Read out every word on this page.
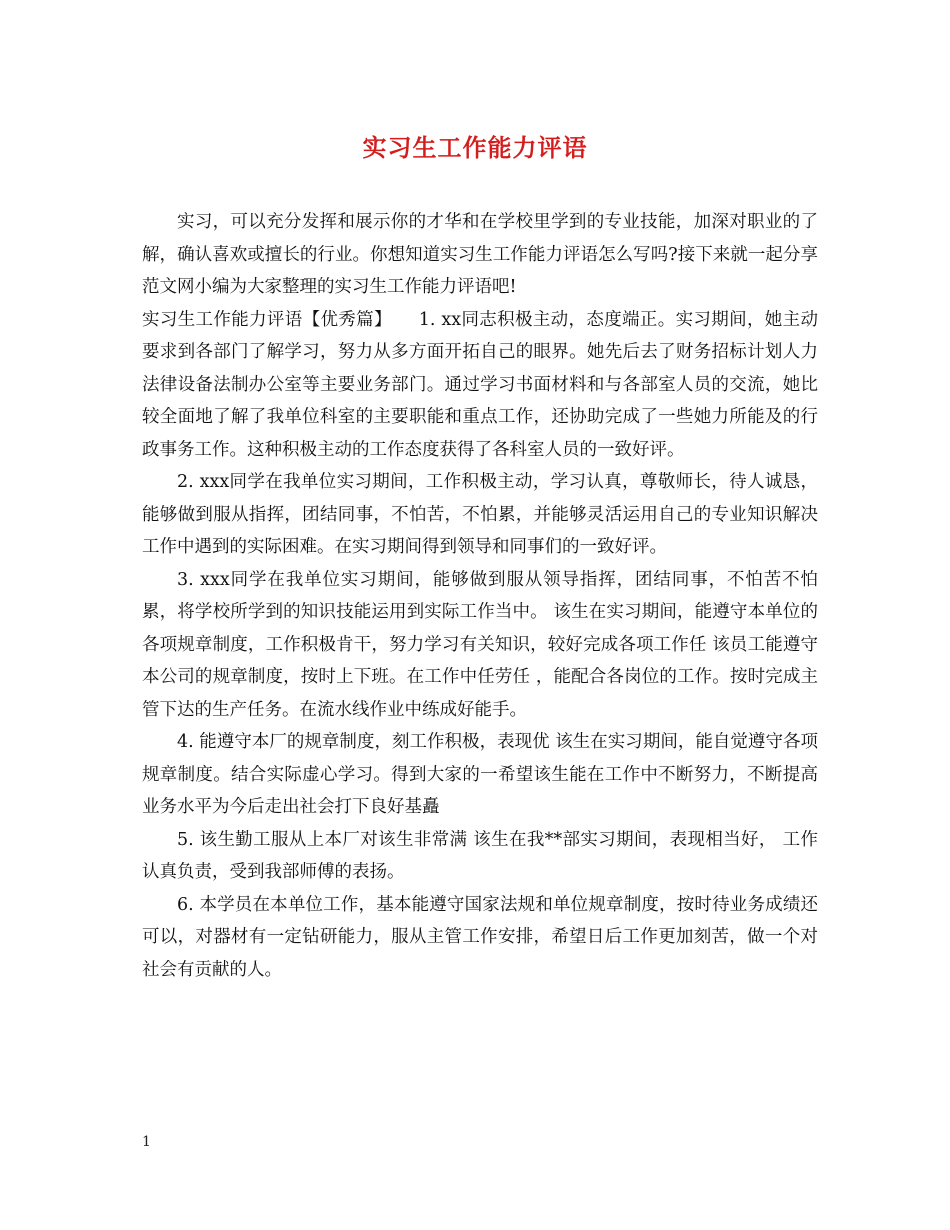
实习生工作能力评语

实习，可以充分发挥和展示你的才华和在学校里学到的专业技能，加深对职业的了解，确认喜欢或擅长的行业。你想知道实习生工作能力评语怎么写吗?接下来就一起分享范文网小编为大家整理的实习生工作能力评语吧!

实习生工作能力评语【优秀篇】　　1. xx同志积极主动，态度端正。实习期间，她主动要求到各部门了解学习，努力从多方面开拓自己的眼界。她先后去了财务招标计划人力法律设备法制办公室等主要业务部门。通过学习书面材料和与各部室人员的交流，她比较全面地了解了我单位科室的主要职能和重点工作，还协助完成了一些她力所能及的行政事务工作。这种积极主动的工作态度获得了各科室人员的一致好评。

2. xxx同学在我单位实习期间，工作积极主动，学习认真，尊敬师长，待人诚恳，能够做到服从指挥，团结同事，不怕苦，不怕累，并能够灵活运用自己的专业知识解决工作中遇到的实际困难。在实习期间得到领导和同事们的一致好评。

3. xxx同学在我单位实习期间，能够做到服从领导指挥，团结同事，不怕苦不怕累，将学校所学到的知识技能运用到实际工作当中。 该生在实习期间，能遵守本单位的各项规章制度，工作积极肯干，努力学习有关知识，较好完成各项工作任 该员工能遵守本公司的规章制度，按时上下班。在工作中任劳任 ，能配合各岗位的工作。按时完成主管下达的生产任务。在流水线作业中练成好能手。

4. 能遵守本厂的规章制度，刻工作积极，表现优 该生在实习期间，能自觉遵守各项规章制度。结合实际虚心学习。得到大家的一希望该生能在工作中不断努力，不断提高业务水平为今后走出社会打下良好基矗

5. 该生勤工服从上本厂对该生非常满 该生在我**部实习期间，表现相当好， 工作认真负责，受到我部师傅的表扬。

6. 本学员在本单位工作，基本能遵守国家法规和单位规章制度，按时待业务成绩还可以，对器材有一定钻研能力，服从主管工作安排，希望日后工作更加刻苦，做一个对社会有贡献的人。

1
